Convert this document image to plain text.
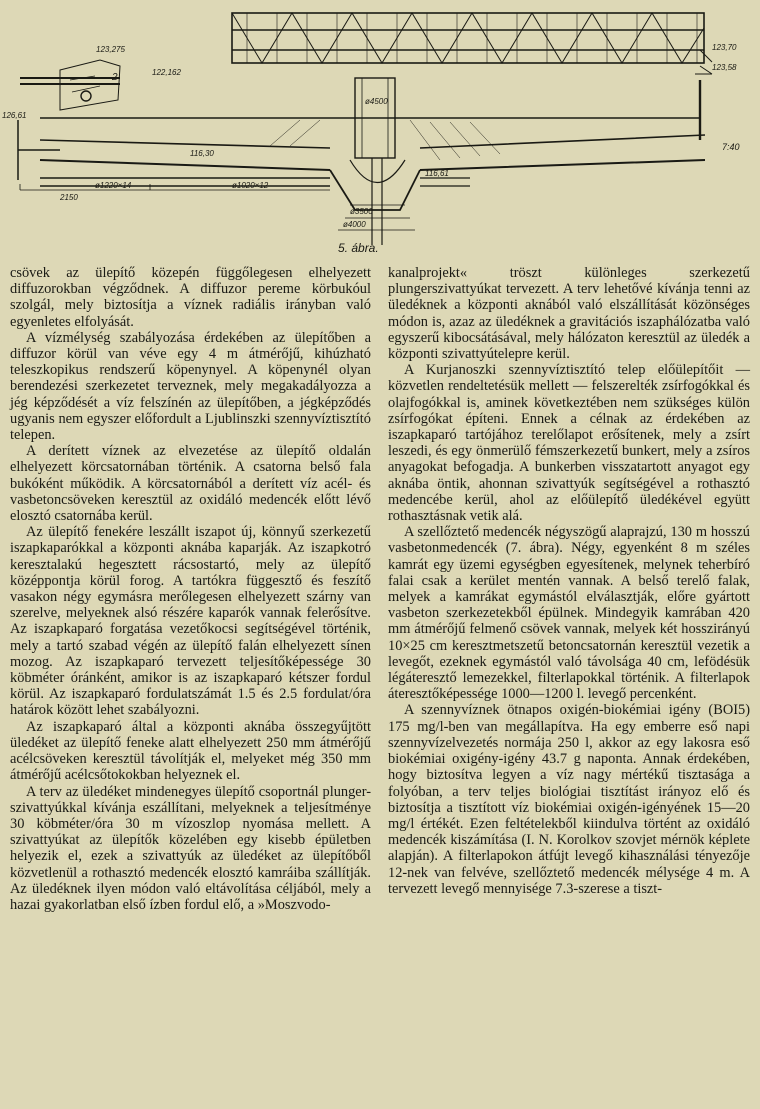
123,275
2	122,162
123,70
123,58
126,61
ø4500
116,30
7:40
2150
ø1220×14	ø1020×12
116,61
ø3500
ø4000
5. ábra.

csövek az ülepítő közepén függőlegesen elhelyezett diffuzorokban végződnek. A diffuzor pereme körbukóul szolgál, mely biztosítja a víznek radiális irányban való egyenletes elfolyását.

A vízmélység szabályozása érdekében az ülepítőben a diffuzor körül van véve egy 4 m átmérőjű, kihúzható teleszkopikus rendszerű köpenynyel. A köpenynél olyan berendezési szerkezetet terveznek, mely megakadályozza a jég képződését a víz felszínén az ülepítőben, a jégképződés ugyanis nem egyszer előfordult a Ljublinszki szennyvíztisztító telepen.

A derített víznek az elvezetése az ülepítő oldalán elhelyezett körcsatornában történik. A csatorna belső fala bukóként működik. A körcsatornából a derített víz acél- és vasbetoncsöveken keresztül az oxidáló medencék előtt lévő elosztó csatornába kerül.

Az ülepítő fenekére leszállt iszapot új, könnyű szerkezetű iszapkaparókkal a központi aknába kaparják. Az iszapkotró keresztalakú hegesztett rácsostartó, mely az ülepítő középpontja körül forog. A tartókra függesztő és feszítő vasakon négy egymásra merőlegesen elhelyezett szárny van szerelve, melyeknek alsó részére kaparók vannak felerősítve. Az iszapkaparó forgatása vezetőkocsi segítségével történik, mely a tartó szabad végén az ülepítő falán elhelyezett sínen mozog. Az iszapkaparó tervezett teljesítőképessége 30 köbméter óránként, amikor is az iszapkaparó kétszer fordul körül. Az iszapkaparó fordulatszámát 1.5 és 2.5 fordulat/óra határok között lehet szabályozni.

Az iszapkaparó által a központi aknába összegyűjtött üledéket az ülepítő feneke alatt elhelyezett 250 mm átmérőjű acélcsöveken keresztül távolítják el, melyeket még 350 mm átmérőjű acélcsőtokokban helyeznek el.

A terv az üledéket mindenegyes ülepítő csoportnál plunger-szivattyúkkal kívánja eszállítani, melyeknek a teljesítménye 30 köbméter/óra 30 m vízoszlop nyomása mellett. A szivattyúkat az ülepítők közelében egy kisebb épületben helyezik el, ezek a szivattyúk az üledéket az ülepítőből közvetlenül a rothasztó medencék elosztó kamráiba szállítják. Az üledéknek ilyen módon való eltávolítása céljából, mely a hazai gyakorlatban első ízben fordul elő, a »Moszvodo-

kanalprojekt« tröszt különleges szerkezetű plungerszivattyúkat tervezett. A terv lehetővé kívánja tenni az üledéknek a központi aknából való elszállítását közönséges módon is, azaz az üledéknek a gravitációs iszaphálózatba való egyszerű kibocsátásával, mely hálózaton keresztül az üledék a központi szivattyútelepre kerül.

A Kurjanoszki szennyvíztisztító telep előülepítőit — közvetlen rendeltetésük mellett — felszerelték zsírfogókkal és olajfogókkal is, aminek következtében nem szükséges külön zsírfogókat építeni. Ennek a célnak az érdekében az iszapkaparó tartójához terelőlapot erősítenek, mely a zsírt leszedi, és egy önmerülő fémszerkezetű bunkert, mely a zsíros anyagokat befogadja. A bunkerben visszatartott anyagot egy aknába öntik, ahonnan szivattyúk segítségével a rothasztó medencébe kerül, ahol az előülepítő üledékével együtt rothasztásnak vetik alá.

A szellőztető medencék négyszögű alaprajzú, 130 m hosszú vasbetonmedencék (7. ábra). Négy, egyenként 8 m széles kamrát egy üzemi egységben egyesítenek, melynek teherbíró falai csak a kerület mentén vannak. A belső terelő falak, melyek a kamrákat egymástól elválasztják, előre gyártott vasbeton szerkezetekből épülnek. Mindegyik kamrában 420 mm átmérőjű felmenő csövek vannak, melyek két hosszirányú 10×25 cm keresztmetszetű betoncsatornán keresztül vezetik a levegőt, ezeknek egymástól való távolsága 40 cm, lefödésük légáteresztő lemezekkel, filterlapokkal történik. A filterlapok áteresztőképessége 1000—1200 l. levegő percenként.

A szennyvíznek ötnapos oxigén-biokémiai igény (BOI5) 175 mg/l-ben van megállapítva. Ha egy emberre eső napi szennyvízelvezetés normája 250 l, akkor az egy lakosra eső biokémiai oxigény-igény 43.7 g naponta. Annak érdekében, hogy biztosítva legyen a víz nagy mértékű tisztasága a folyóban, a terv teljes biológiai tisztítást irányoz elő és biztosítja a tisztított víz biokémiai oxigén-igényének 15—20 mg/l értékét. Ezen feltételekből kiindulva történt az oxidáló medencék kiszámítása (I. N. Korolkov szovjet mérnök képlete alapján). A filterlapokon átfújt levegő kihasználási tényezője 12-nek van felvéve, szellőztető medencék mélysége 4 m. A tervezett levegő mennyisége 7.3-szerese a tiszt-
